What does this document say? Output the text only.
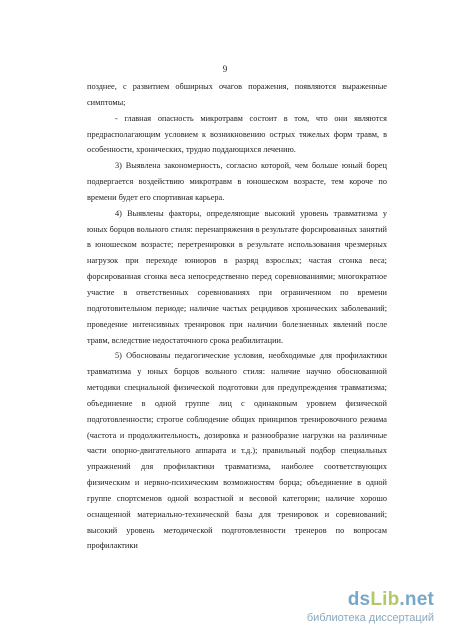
9

позднее, с развитием обширных очагов поражения, появляются выраженные симптомы;

- главная опасность микротравм состоит в том, что они являются предрасполагающим условием к возникновению острых тяжелых форм травм, в особенности, хронических, трудно поддающихся лечению.

3) Выявлена закономерность, согласно которой, чем больше юный борец подвергается воздействию микротравм в юношеском возрасте, тем короче по времени будет его спортивная карьера.

4) Выявлены факторы, определяющие высокий уровень травматизма у юных борцов вольного стиля: перенапряжения в результате форсированных занятий в юношеском возрасте; перетренировки в результате использования чрезмерных нагрузок при переходе юниоров в разряд взрослых; частая сгонка веса; форсированная сгонка веса непосредственно перед соревнованиями; многократное участие в ответственных соревнованиях при ограниченном по времени подготовительном периоде; наличие частых рецидивов хронических заболеваний; проведение интенсивных тренировок при наличии болезненных явлений после травм, вследствие недостаточного срока реабилитации.

5) Обоснованы педагогические условия, необходимые для профилактики травматизма у юных борцов вольного стиля: наличие научно обоснованной методики специальной физической подготовки для предупреждения травматизма; объединение в одной группе лиц с одинаковым уровнем физической подготовленности; строгое соблюдение общих принципов тренировочного режима (частота и продолжительность, дозировка и разнообразие нагрузки на различные части опорно-двигательного аппарата и т.д.); правильный подбор специальных упражнений для профилактики травматизма, наиболее соответствующих физическим и нервно-психическим возможностям борца; объединение в одной группе спортсменов одной возрастной и весовой категории; наличие хорошо оснащенной материально-технической базы для тренировок и соревнований; высокий уровень методической подготовленности тренеров по вопросам профилактики

dsLib.net
библиотека диссертаций
